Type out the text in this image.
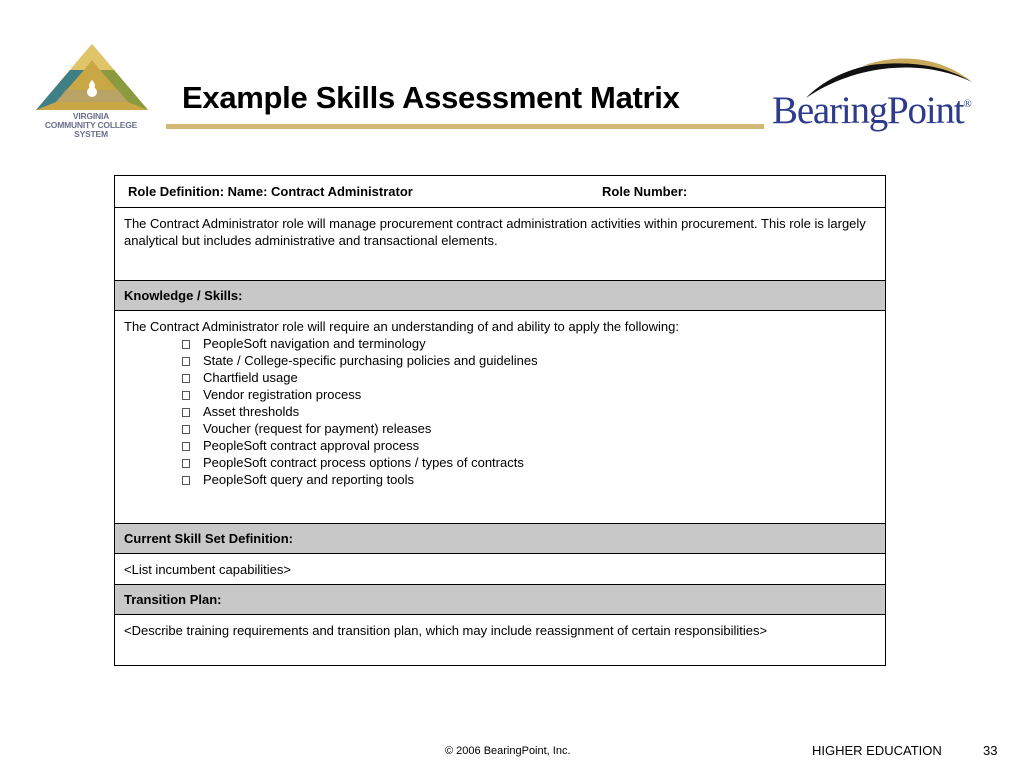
VIRGINIA
COMMUNITY COLLEGE
SYSTEM
Example Skills Assessment Matrix BearingPoint®
Role Definition: Name: Contract Administrator	Role Number:

The Contract Administrator role will manage procurement contract administration activities within procurement. This role is largely analytical but includes administrative and transactional elements.
Knowledge / Skills:

The Contract Administrator role will require an understanding of and ability to apply the following:
PeopleSoft navigation and terminology
State / College-specific purchasing policies and guidelines
Chartfield usage
Vendor registration process
Asset thresholds
Voucher (request for payment) releases
PeopleSoft contract approval process
PeopleSoft contract process options / types of contracts
PeopleSoft query and reporting tools

Current Skill Set Definition:
<List incumbent capabilities>
Transition Plan:
<Describe training requirements and transition plan, which may include reassignment of certain responsibilities>
© 2006 BearingPoint, Inc.	HIGHER EDUCATION	33
